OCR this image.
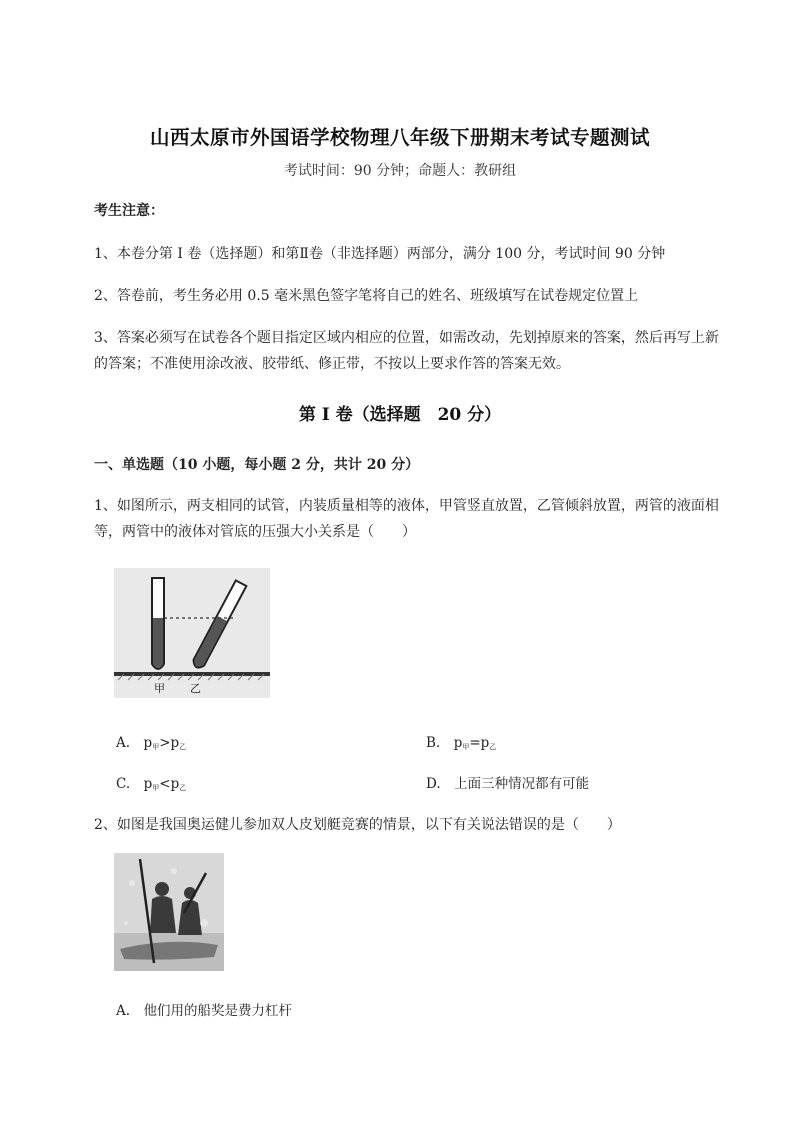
山西太原市外国语学校物理八年级下册期末考试专题测试
考试时间：90 分钟；命题人：教研组
考生注意：
1、本卷分第 I 卷（选择题）和第Ⅱ卷（非选择题）两部分，满分 100 分，考试时间 90 分钟
2、答卷前，考生务必用 0.5 毫米黑色签字笔将自己的姓名、班级填写在试卷规定位置上
3、答案必须写在试卷各个题目指定区域内相应的位置，如需改动，先划掉原来的答案，然后再写上新
的答案；不准使用涂改液、胶带纸、修正带，不按以上要求作答的答案无效。
第 I 卷（选择题　20 分）
一、单选题（10 小题，每小题 2 分，共计 20 分）
1、如图所示，两支相同的试管，内装质量相等的液体，甲管竖直放置，乙管倾斜放置，两管的液面相
等，两管中的液体对管底的压强大小关系是（　　）
甲 乙
A.　$p_甲>p_乙$	B.　$p_甲=p_乙$
C.　$p_甲<p_乙$	D.　上面三种情况都有可能
2、如图是我国奥运健儿参加双人皮划艇竞赛的情景，以下有关说法错误的是（　　）
A.　他们用的船奖是费力杠杆
